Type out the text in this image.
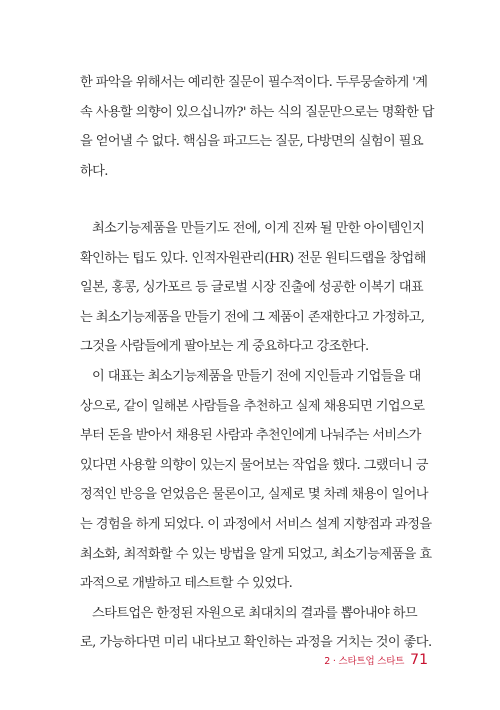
한 파악을 위해서는 예리한 질문이 필수적이다. 두루뭉술하게 '계
속 사용할 의향이 있으십니까?' 하는 식의 질문만으로는 명확한 답
을 얻어낼 수 없다. 핵심을 파고드는 질문, 다방면의 실험이 필요
하다.
최소기능제품을 만들기도 전에, 이게 진짜 될 만한 아이템인지
확인하는 팁도 있다. 인적자원관리(HR) 전문 원티드랩을 창업해
일본, 홍콩, 싱가포르 등 글로벌 시장 진출에 성공한 이복기 대표
는 최소기능제품을 만들기 전에 그 제품이 존재한다고 가정하고,
그것을 사람들에게 팔아보는 게 중요하다고 강조한다.
이 대표는 최소기능제품을 만들기 전에 지인들과 기업들을 대
상으로, 같이 일해본 사람들을 추천하고 실제 채용되면 기업으로
부터 돈을 받아서 채용된 사람과 추천인에게 나눠주는 서비스가
있다면 사용할 의향이 있는지 물어보는 작업을 했다. 그랬더니 긍
정적인 반응을 얻었음은 물론이고, 실제로 몇 차례 채용이 일어나
는 경험을 하게 되었다. 이 과정에서 서비스 설계 지향점과 과정을
최소화, 최적화할 수 있는 방법을 알게 되었고, 최소기능제품을 효
과적으로 개발하고 테스트할 수 있었다.
스타트업은 한정된 자원으로 최대치의 결과를 뽑아내야 하므
로, 가능하다면 미리 내다보고 확인하는 과정을 거치는 것이 좋다.
2 · 스타트업 스타트 71
